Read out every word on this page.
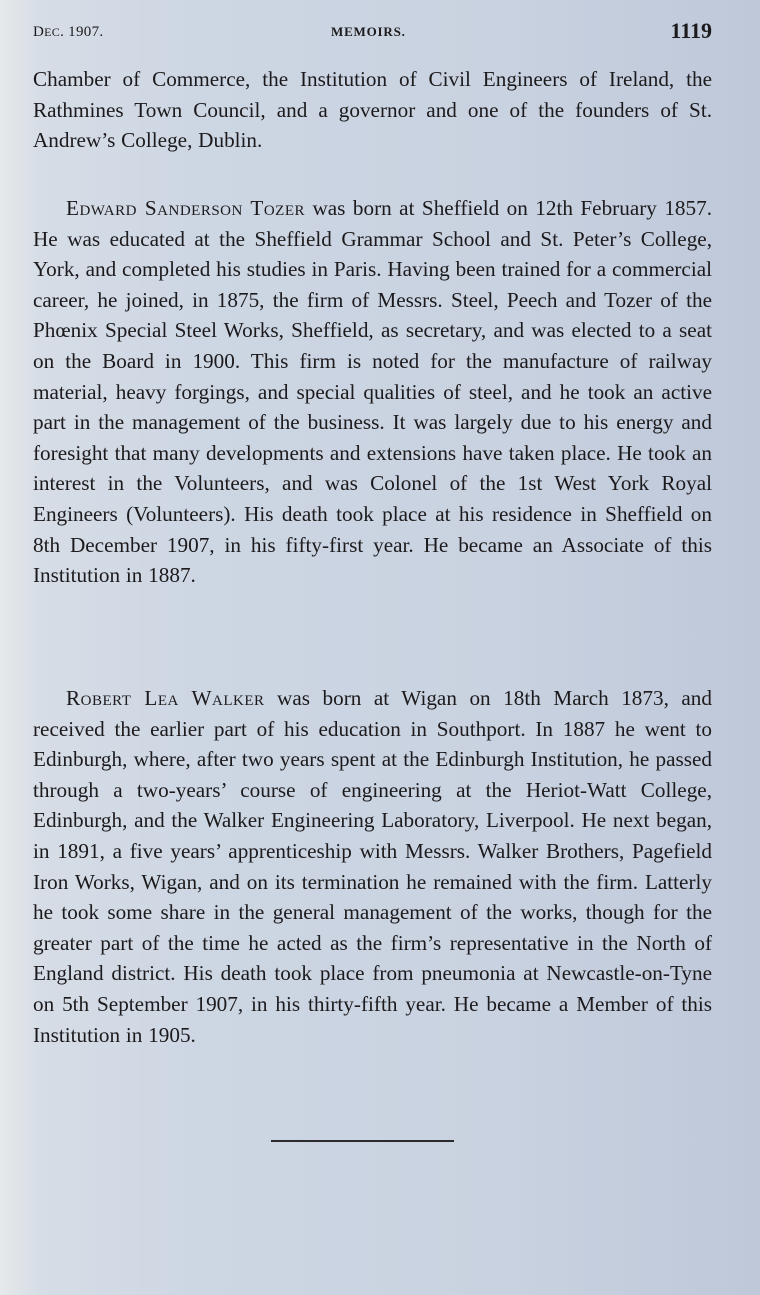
DEC. 1907.	MEMOIRS.	1119
Chamber of Commerce, the Institution of Civil Engineers of Ireland, the Rathmines Town Council, and a governor and one of the founders of St. Andrew’s College, Dublin.
Edward Sanderson Tozer was born at Sheffield on 12th February 1857. He was educated at the Sheffield Grammar School and St. Peter’s College, York, and completed his studies in Paris. Having been trained for a commercial career, he joined, in 1875, the firm of Messrs. Steel, Peech and Tozer of the Phœnix Special Steel Works, Sheffield, as secretary, and was elected to a seat on the Board in 1900. This firm is noted for the manufacture of railway material, heavy forgings, and special qualities of steel, and he took an active part in the management of the business. It was largely due to his energy and foresight that many developments and extensions have taken place. He took an interest in the Volunteers, and was Colonel of the 1st West York Royal Engineers (Volunteers). His death took place at his residence in Sheffield on 8th December 1907, in his fifty-first year. He became an Associate of this Institution in 1887.
Robert Lea Walker was born at Wigan on 18th March 1873, and received the earlier part of his education in Southport. In 1887 he went to Edinburgh, where, after two years spent at the Edinburgh Institution, he passed through a two-years’ course of engineering at the Heriot-Watt College, Edinburgh, and the Walker Engineering Laboratory, Liverpool. He next began, in 1891, a five years’ apprenticeship with Messrs. Walker Brothers, Pagefield Iron Works, Wigan, and on its termination he remained with the firm. Latterly he took some share in the general management of the works, though for the greater part of the time he acted as the firm’s representative in the North of England district. His death took place from pneumonia at Newcastle-on-Tyne on 5th September 1907, in his thirty-fifth year. He became a Member of this Institution in 1905.
